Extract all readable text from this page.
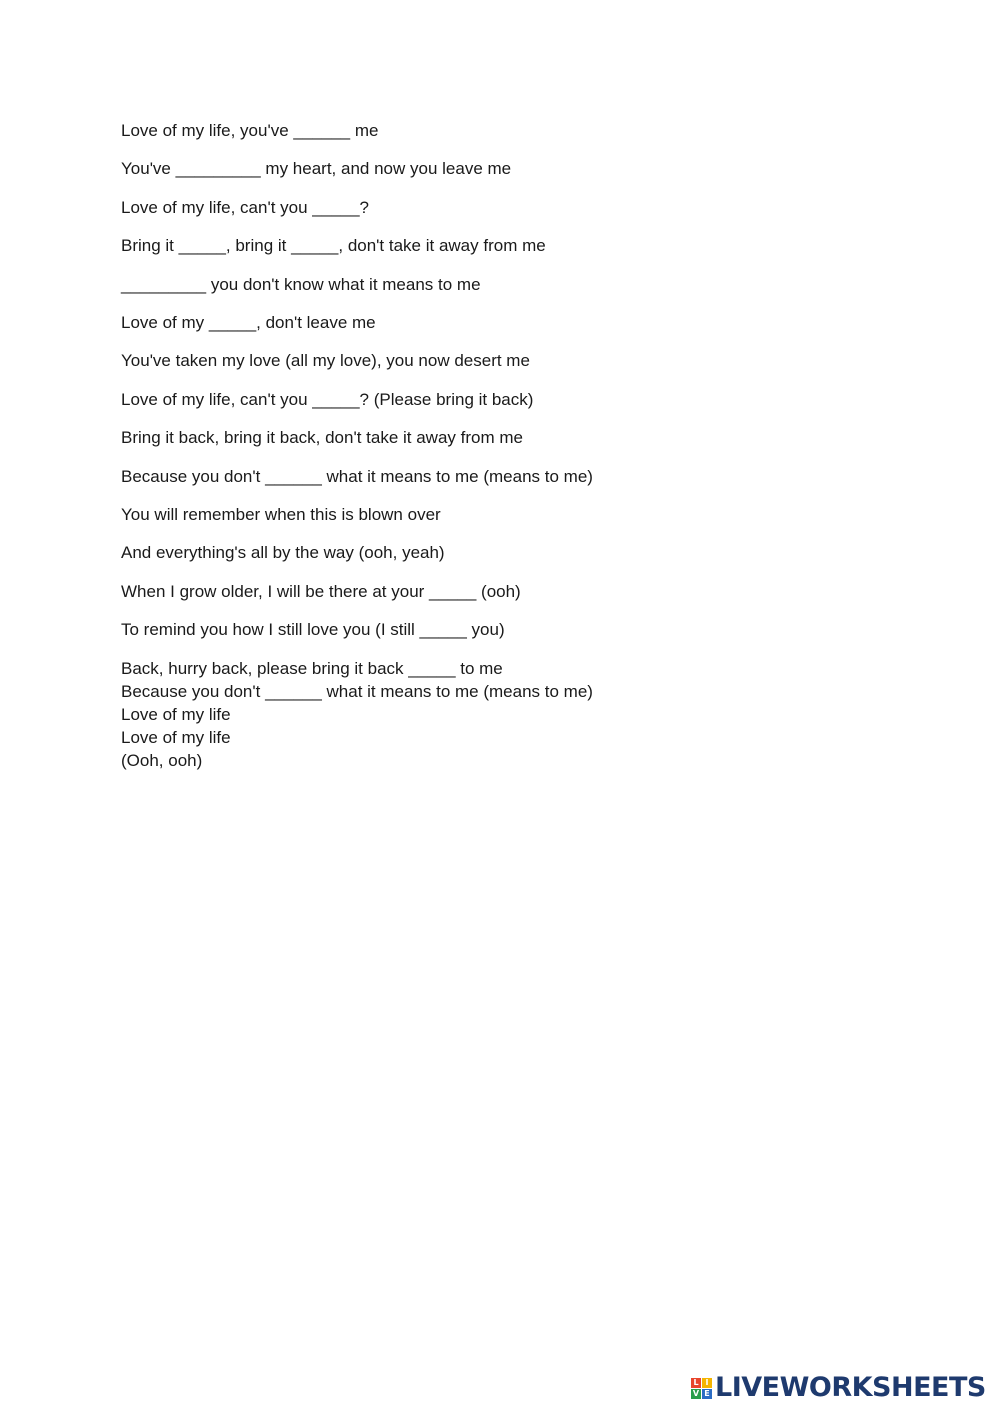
Love of my life, you've ______ me
You've _________ my heart, and now you leave me
Love of my life, can't you _____?
Bring it _____, bring it _____, don't take it away from me
_________ you don't know what it means to me
Love of my _____, don't leave me
You've taken my love (all my love), you now desert me
Love of my life, can't you _____? (Please bring it back)
Bring it back, bring it back, don't take it away from me
Because you don't ______ what it means to me (means to me)
You will remember when this is blown over
And everything's all by the way (ooh, yeah)
When I grow older, I will be there at your _____ (ooh)
To remind you how I still love you (I still _____ you)
Back, hurry back, please bring it back _____ to me
Because you don't ______ what it means to me (means to me)
Love of my life
Love of my life
(Ooh, ooh)
L I
V E LIVEWORKSHEETS
